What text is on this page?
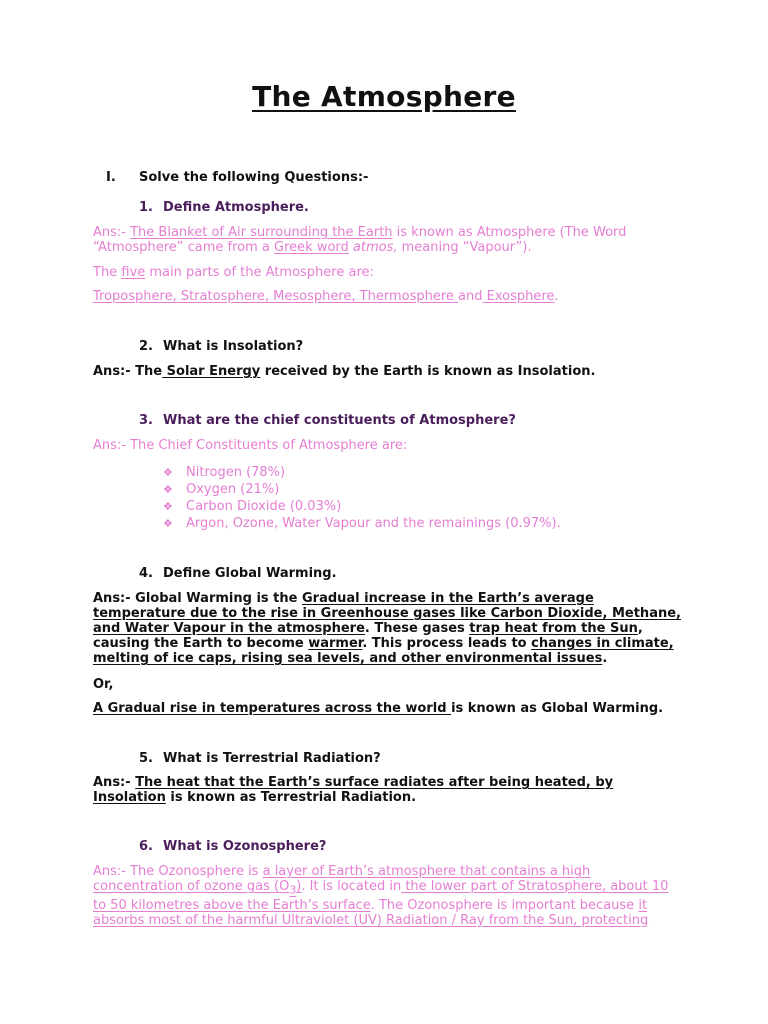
The Atmosphere
I. Solve the following Questions:-
1. Define Atmosphere.

Ans:- The Blanket of Air surrounding the Earth is known as Atmosphere (The Word “Atmosphere” came from a Greek word atmos, meaning “Vapour”).

The five main parts of the Atmosphere are:

Troposphere, Stratosphere, Mesosphere, Thermosphere and Exosphere.

2. What is Insolation?

Ans:- The Solar Energy received by the Earth is known as Insolation.

3. What are the chief constituents of Atmosphere?

Ans:- The Chief Constituents of Atmosphere are:

❖	Nitrogen (78%)
❖	Oxygen (21%)
❖	Carbon Dioxide (0.03%)
❖	Argon, Ozone, Water Vapour and the remainings (0.97%).
4. Define Global Warming.

Ans:- Global Warming is the Gradual increase in the Earth’s average temperature due to the rise in Greenhouse gases like Carbon Dioxide, Methane, and Water Vapour in the atmosphere. These gases trap heat from the Sun, causing the Earth to become warmer. This process leads to changes in climate, melting of ice caps, rising sea levels, and other environmental issues.

Or,

A Gradual rise in temperatures across the world is known as Global Warming.

5. What is Terrestrial Radiation?

Ans:- The heat that the Earth’s surface radiates after being heated, by Insolation is known as Terrestrial Radiation.

6. What is Ozonosphere?

Ans:- The Ozonosphere is a layer of Earth’s atmosphere that contains a high concentration of ozone gas $(O_3)$. It is located in the lower part of Stratosphere, about 10 to 50 kilometres above the Earth’s surface. The Ozonosphere is important because it absorbs most of the harmful Ultraviolet (UV) Radiation / Ray from the Sun, protecting
